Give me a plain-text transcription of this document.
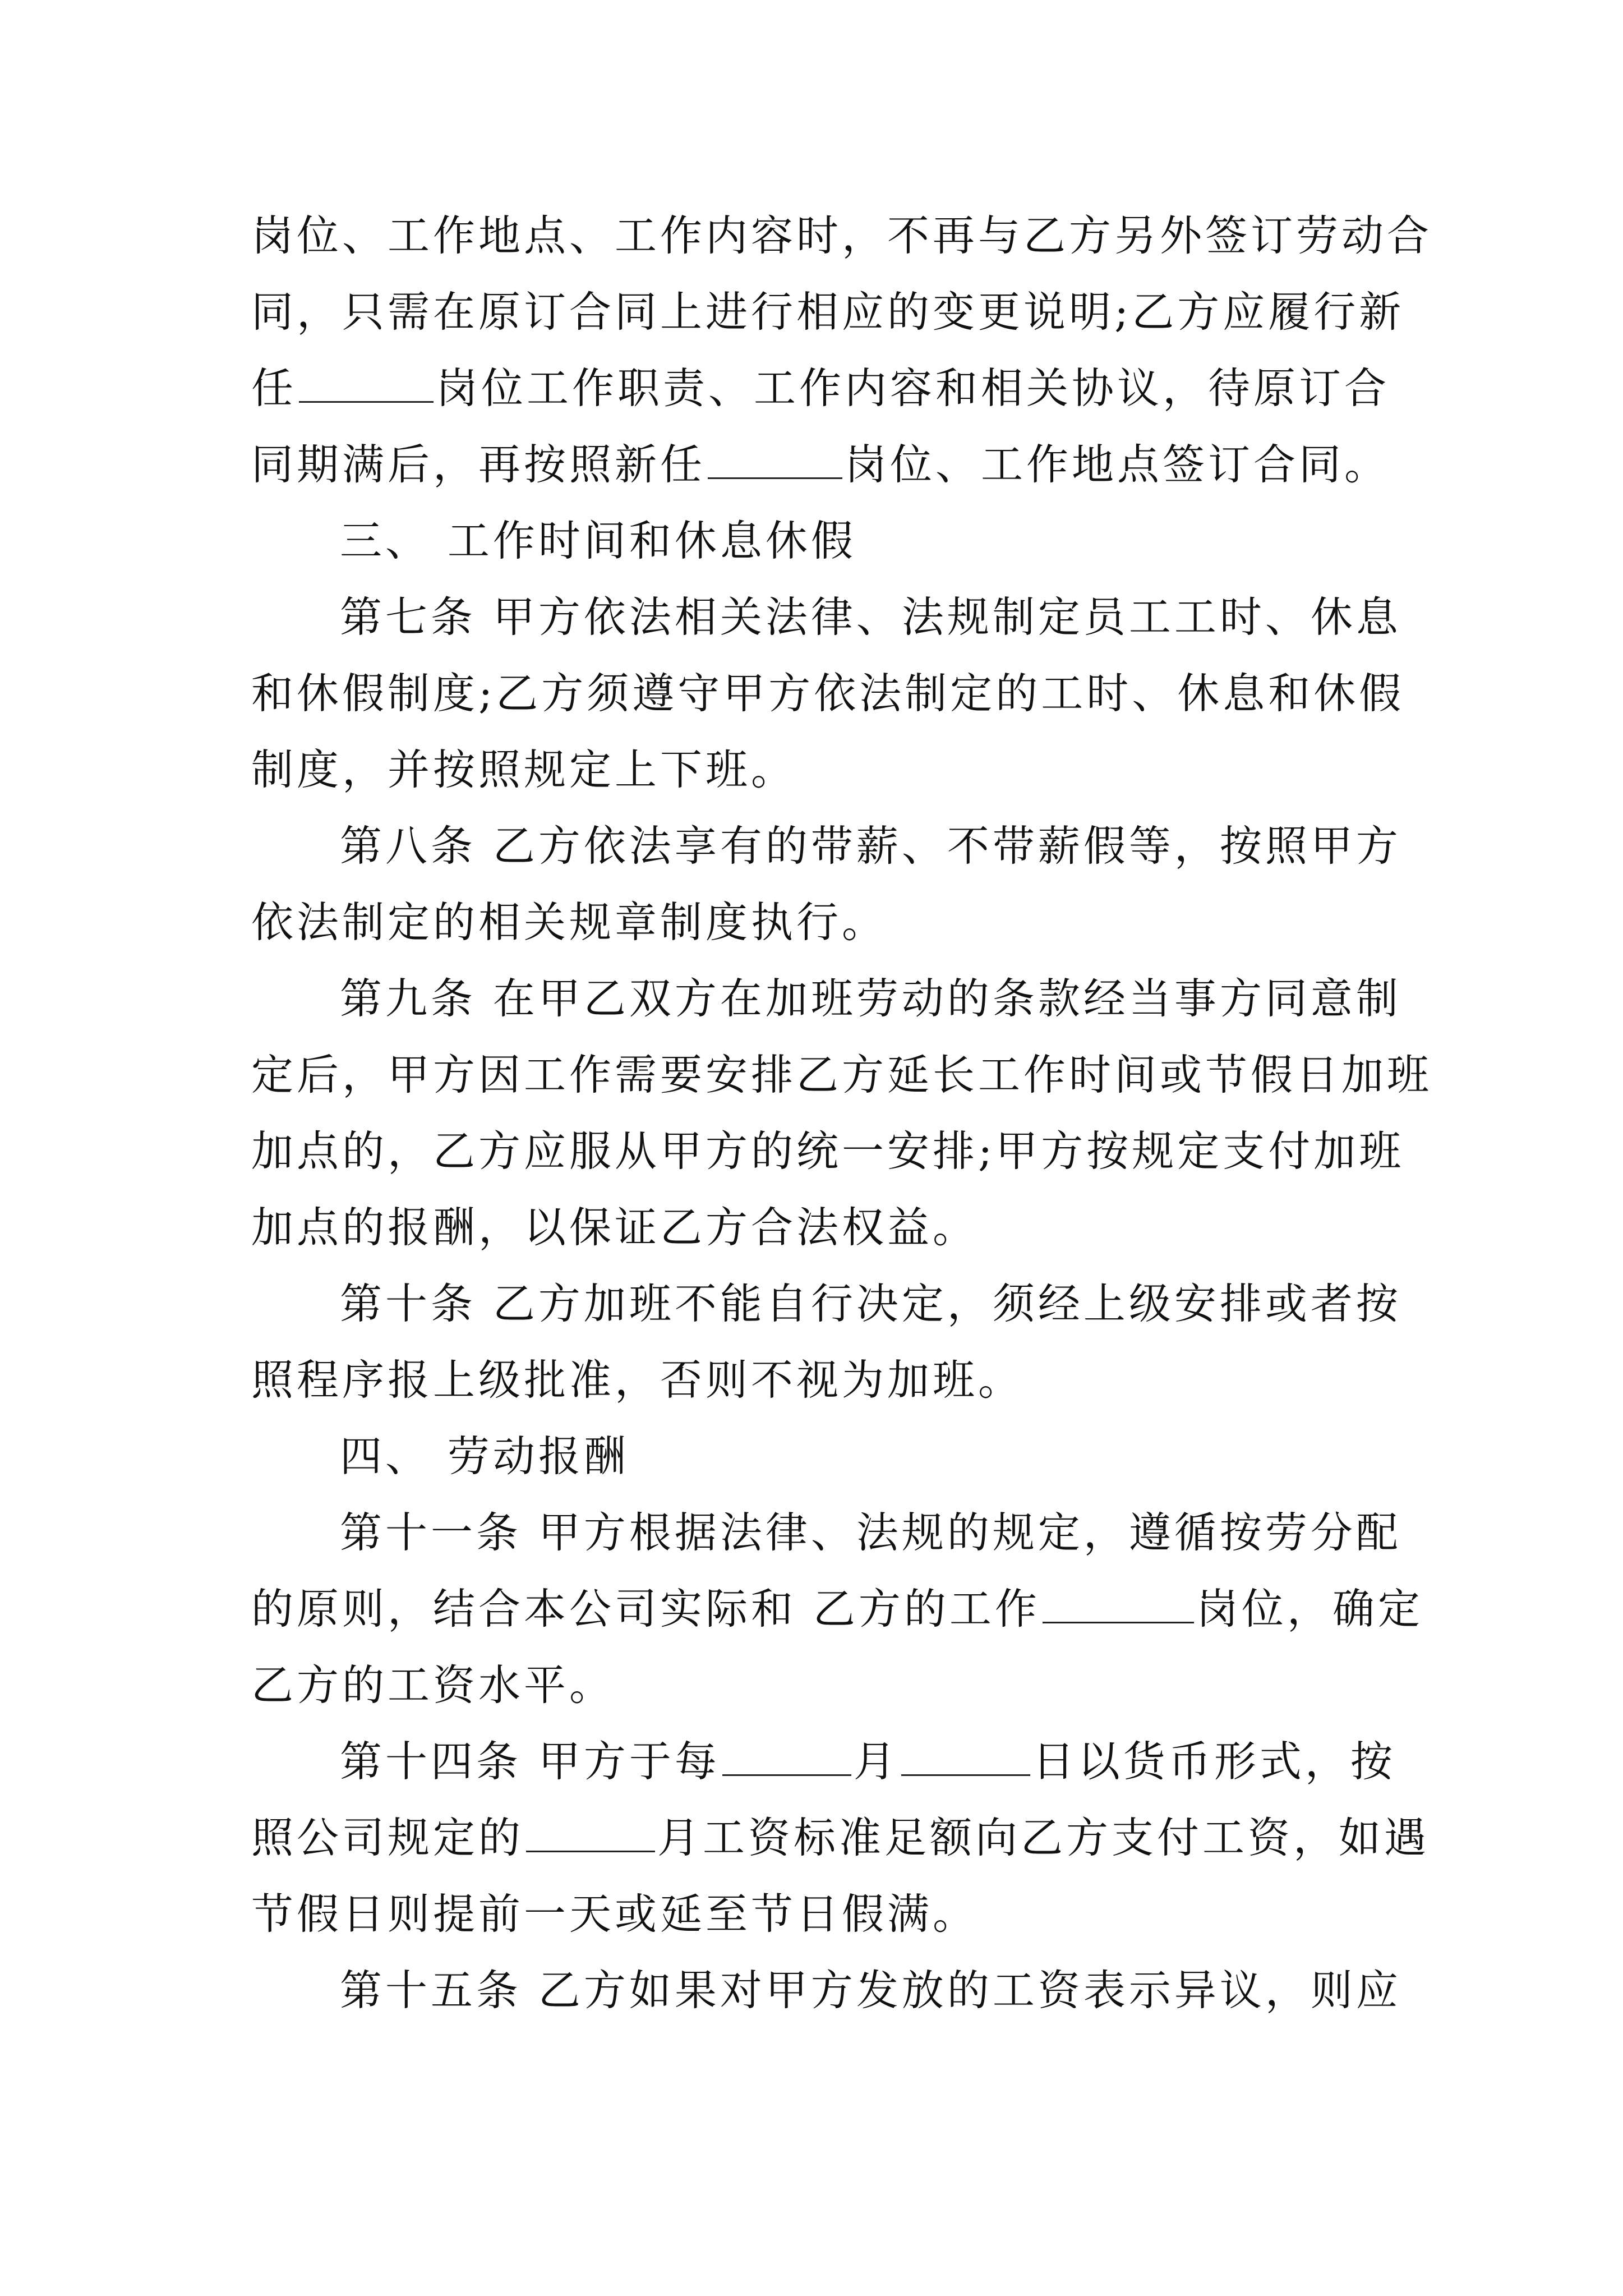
岗位、工作地点、工作内容时，不再与乙方另外签订劳动合
同，只需在原订合同上进行相应的变更说明;乙方应履行新
任	岗位工作职责、工作内容和相关协议，待原订合
同期满后，再按照新任	岗位、工作地点签订合同。
三、 工作时间和休息休假
第七条 甲方依法相关法律、法规制定员工工时、休息
和休假制度;乙方须遵守甲方依法制定的工时、休息和休假
制度，并按照规定上下班。
第八条 乙方依法享有的带薪、不带薪假等，按照甲方
依法制定的相关规章制度执行。
第九条 在甲乙双方在加班劳动的条款经当事方同意制
定后，甲方因工作需要安排乙方延长工作时间或节假日加班
加点的，乙方应服从甲方的统一安排;甲方按规定支付加班
加点的报酬，以保证乙方合法权益。
第十条 乙方加班不能自行决定，须经上级安排或者按
照程序报上级批准，否则不视为加班。
四、 劳动报酬
第十一条 甲方根据法律、法规的规定，遵循按劳分配
的原则，结合本公司实际和 乙方的工作	岗位，确定
乙方的工资水平。
第十四条 甲方于每	月	日以货币形式，按
照公司规定的	月工资标准足额向乙方支付工资，如遇
节假日则提前一天或延至节日假满。
第十五条 乙方如果对甲方发放的工资表示异议，则应
